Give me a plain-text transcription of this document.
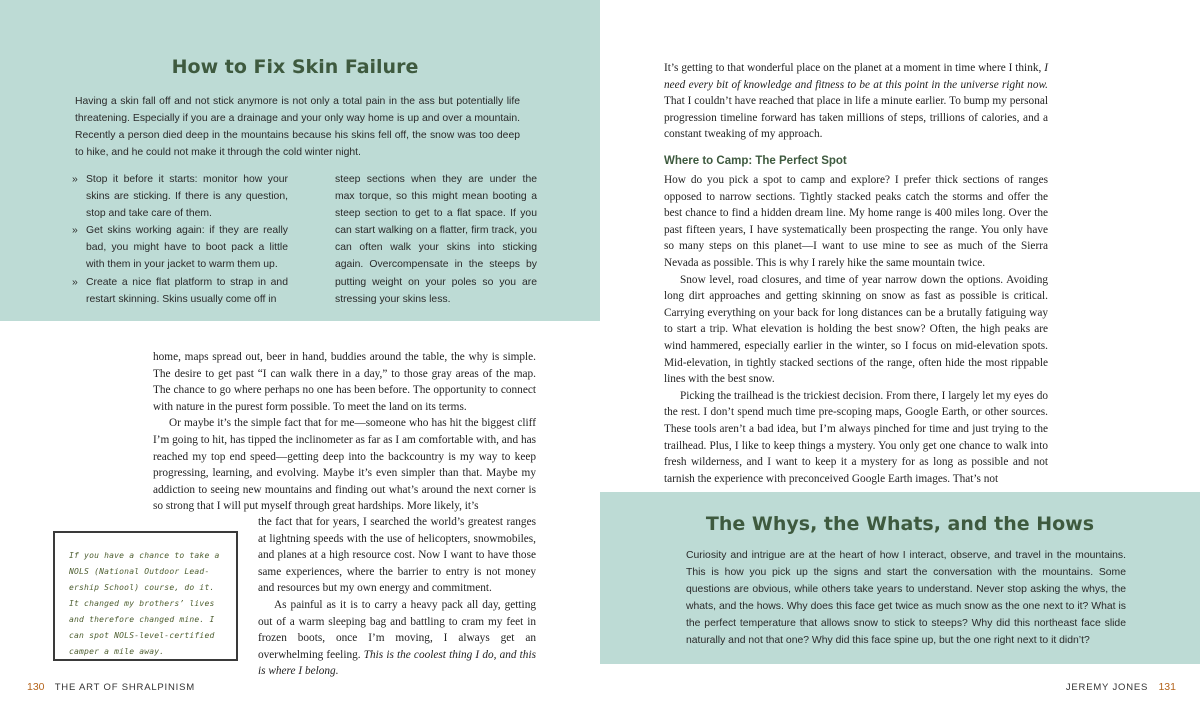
How to Fix Skin Failure

Having a skin fall off and not stick anymore is not only a total pain in the ass but potentially life threatening. Especially if you are a drainage and your only way home is up and over a mountain. Recently a person died deep in the mountains because his skins fell off, the snow was too deep to hike, and he could not make it through the cold winter night.

» Stop it before it starts: monitor how your skins are sticking. If there is any question, stop and take care of them.
» Get skins working again: if they are really bad, you might have to boot pack a little with them in your jacket to warm them up.
» Create a nice flat platform to strap in and restart skinning. Skins usually come off in

steep sections when they are under the max torque, so this might mean booting a steep section to get to a flat space. If you can start walking on a flatter, firm track, you can often walk your skins into sticking again. Overcompensate in the steeps by putting weight on your poles so you are stressing your skins less.

home, maps spread out, beer in hand, buddies around the table, the why is simple. The desire to get past “I can walk there in a day,” to those gray areas of the map. The chance to go where perhaps no one has been before. The opportunity to connect with nature in the purest form possible. To meet the land on its terms.

Or maybe it’s the simple fact that for me—someone who has hit the biggest cliff I’m going to hit, has tipped the inclinometer as far as I am comfortable with, and has reached my top end speed—getting deep into the backcountry is my way to keep progressing, learning, and evolving. Maybe it’s even simpler than that. Maybe my addiction to seeing new mountains and finding out what’s around the next corner is so strong that I will put myself through great hardships. More likely, it’s

the fact that for years, I searched the world’s greatest ranges at lightning speeds with the use of helicopters, snowmobiles, and planes at a high resource cost. Now I want to have those same experiences, where the barrier to entry is not money and resources but my own energy and commitment.

As painful as it is to carry a heavy pack all day, getting out of a warm sleeping bag and battling to cram my feet in frozen boots, once I’m moving, I always get an overwhelming feeling. This is the coolest thing I do, and this is where I belong.

If you have a chance to take a NOLS (National Outdoor Leadership School) course, do it. It changed my brothers’ lives and therefore changed mine. I can spot NOLS-level-certified camper a mile away.
130 THE ART OF SHRALPINISM

It’s getting to that wonderful place on the planet at a moment in time where I think, I need every bit of knowledge and fitness to be at this point in the universe right now. That I couldn’t have reached that place in life a minute earlier. To bump my personal progression timeline forward has taken millions of steps, trillions of calories, and a constant tweaking of my approach.

Where to Camp: The Perfect Spot

How do you pick a spot to camp and explore? I prefer thick sections of ranges opposed to narrow sections. Tightly stacked peaks catch the storms and offer the best chance to find a hidden dream line. My home range is 400 miles long. Over the past fifteen years, I have systematically been prospecting the range. You only have so many steps on this planet—I want to use mine to see as much of the Sierra Nevada as possible. This is why I rarely hike the same mountain twice.

Snow level, road closures, and time of year narrow down the options. Avoiding long dirt approaches and getting skinning on snow as fast as possible is critical. Carrying everything on your back for long distances can be a brutally fatiguing way to start a trip. What elevation is holding the best snow? Often, the high peaks are wind hammered, especially earlier in the winter, so I focus on mid-elevation spots. Mid-elevation, in tightly stacked sections of the range, often hide the most rippable lines with the best snow.

Picking the trailhead is the trickiest decision. From there, I largely let my eyes do the rest. I don’t spend much time pre-scoping maps, Google Earth, or other sources. These tools aren’t a bad idea, but I’m always pinched for time and just trying to the trailhead. Plus, I like to keep things a mystery. You only get one chance to walk into fresh wilderness, and I want to keep it a mystery for as long as possible and not tarnish the experience with preconceived Google Earth images. That’s not

The Whys, the Whats, and the Hows

Curiosity and intrigue are at the heart of how I interact, observe, and travel in the mountains. This is how you pick up the signs and start the conversation with the mountains. Some questions are obvious, while others take years to understand. Never stop asking the whys, the whats, and the hows. Why does this face get twice as much snow as the one next to it? What is the perfect temperature that allows snow to stick to steeps? Why did this northeast face slide naturally and not that one? Why did this face spine up, but the one right next to it didn’t?

JEREMY JONES 131
